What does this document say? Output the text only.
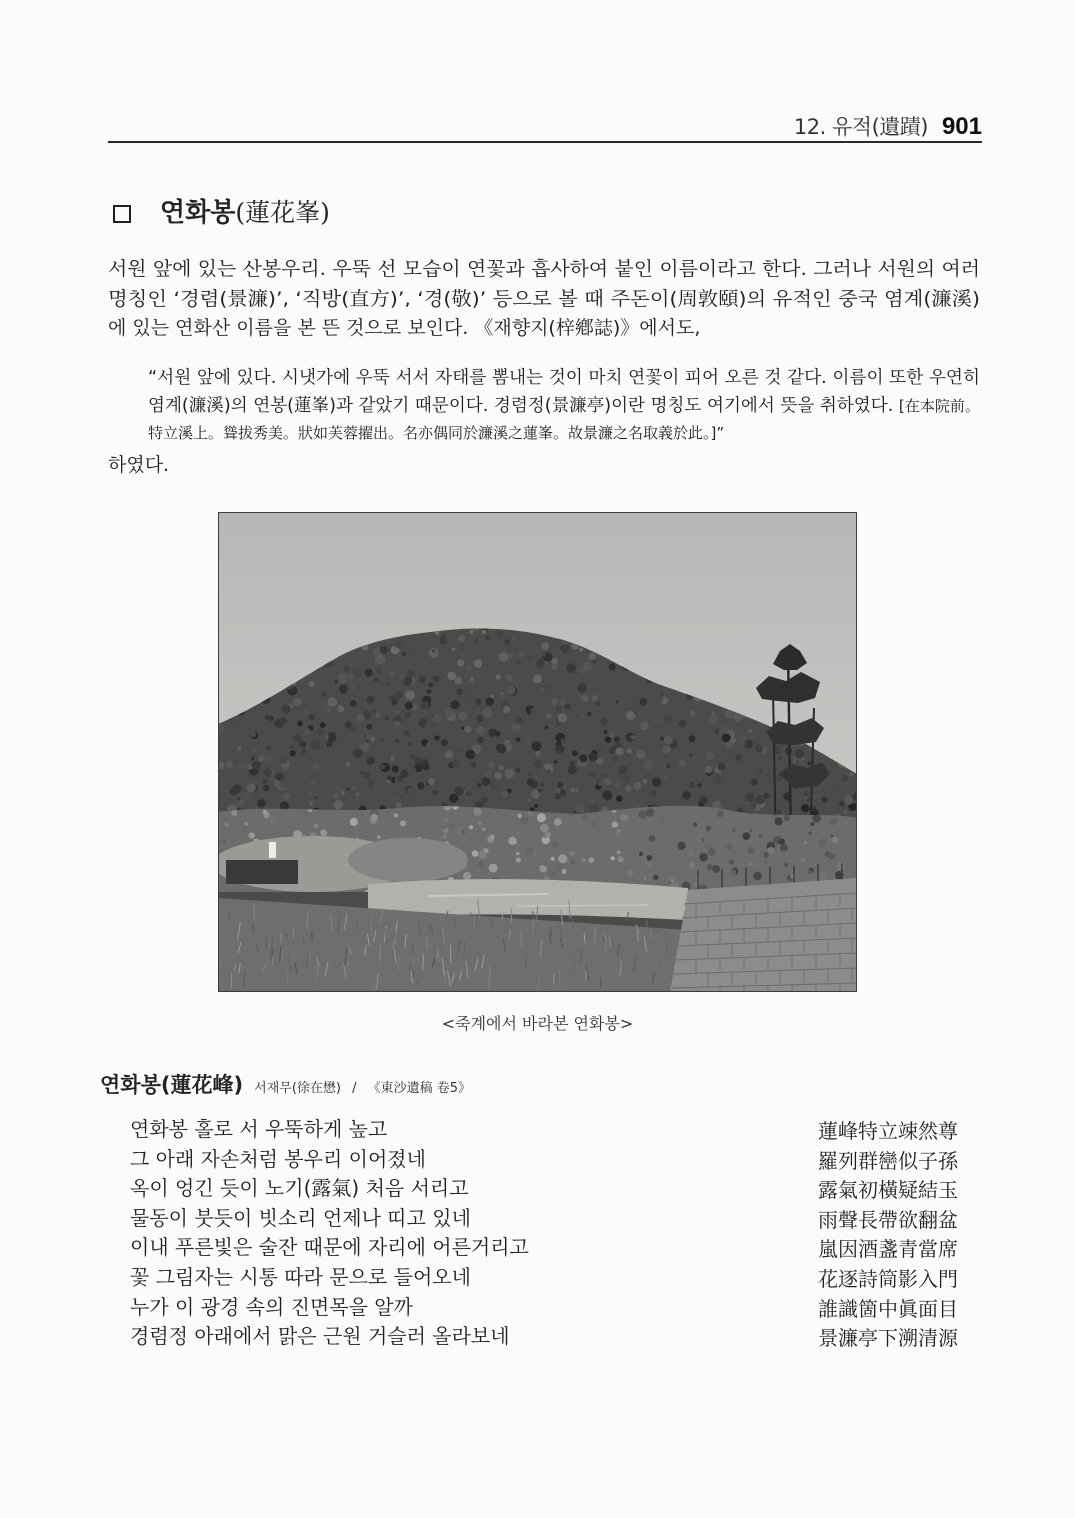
12. 유적(遺蹟) 901
연화봉(蓮花峯)
서원 앞에 있는 산봉우리. 우뚝 선 모습이 연꽃과 흡사하여 붙인 이름이라고 한다. 그러나 서원의 여러
명칭인 ‘경렴(景濂)’, ‘직방(直方)’, ‘경(敬)’ 등으로 볼 때 주돈이(周敦頤)의 유적인 중국 염계(濂溪)
에 있는 연화산 이름을 본 뜬 것으로 보인다. 《재향지(梓鄕誌)》에서도,
“서원 앞에 있다. 시냇가에 우뚝 서서 자태를 뽐내는 것이 마치 연꽃이 피어 오른 것 같다. 이름이 또한 우연히
염계(濂溪)의 연봉(蓮峯)과 같았기 때문이다. 경렴정(景濂亭)이란 명칭도 여기에서 뜻을 취하였다. [在本院前。
特立溪上。聳拔秀美。狀如芙蓉擢出。名亦偶同於濂溪之蓮峯。故景濂之名取義於此。]”
하였다.
<죽계에서 바라본 연화봉>
연화봉(蓮花峰) 서재무(徐在懋) / 《東沙遺稿 卷5》
연화봉 홀로 서 우뚝하게 높고
그 아래 자손처럼 봉우리 이어졌네
옥이 엉긴 듯이 노기(露氣) 처음 서리고
물동이 붓듯이 빗소리 언제나 띠고 있네
이내 푸른빛은 술잔 때문에 자리에 어른거리고
꽃 그림자는 시통 따라 문으로 들어오네
누가 이 광경 속의 진면목을 알까
경렴정 아래에서 맑은 근원 거슬러 올라보네
蓮峰特立竦然尊
羅列群巒似子孫
露氣初橫疑結玉
雨聲長帶欲翻盆
嵐因酒盞青當席
花逐詩筒影入門
誰識箇中眞面目
景濂亭下溯清源
